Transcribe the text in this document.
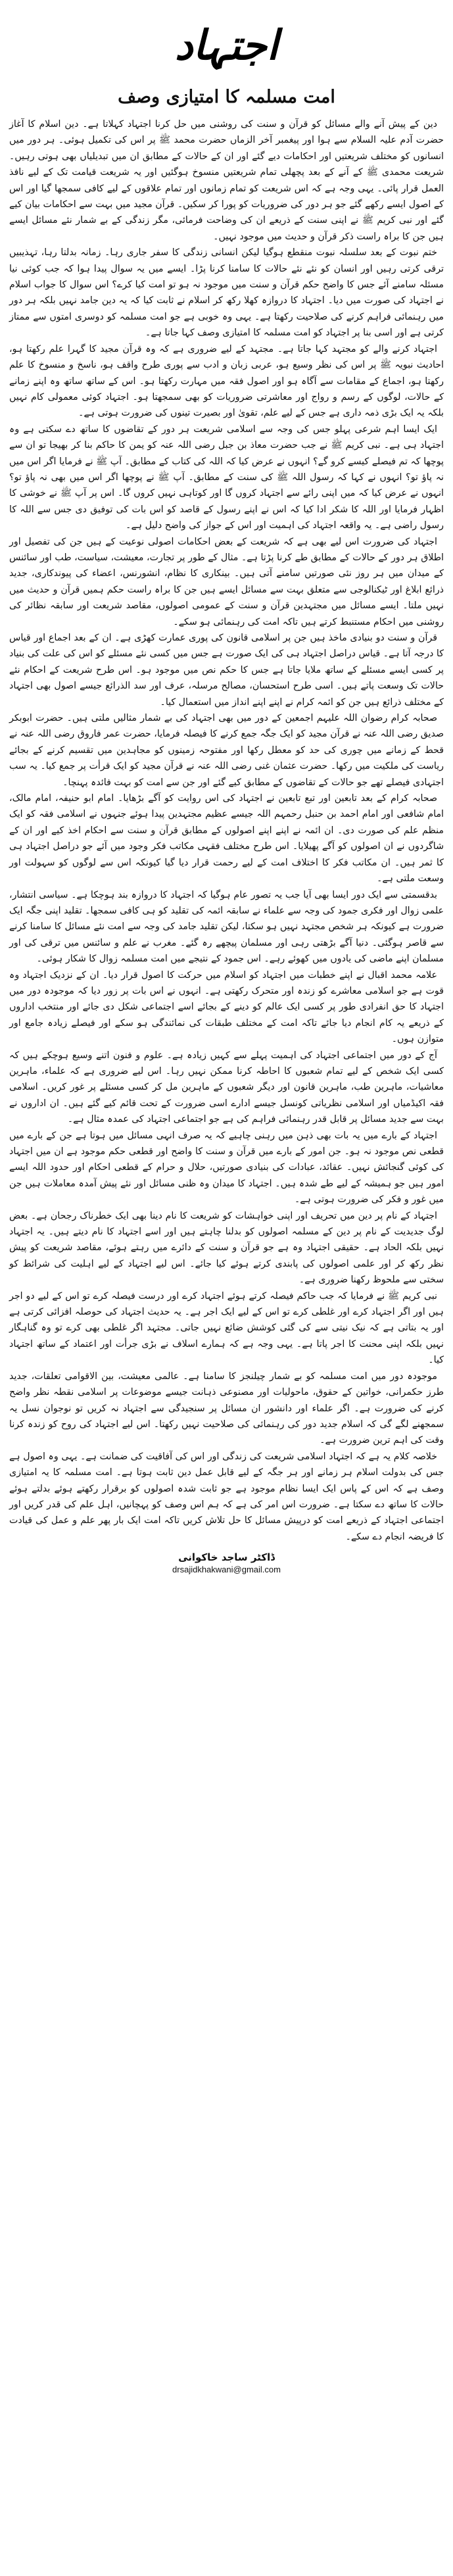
اجتہاد
امت مسلمہ کا امتیازی وصف

دین کے پیش آنے والے مسائل کو قرآن و سنت کی روشنی میں حل کرنا اجتہاد کہلاتا ہے۔ دین اسلام کا آغاز حضرت آدم علیہ السلام سے ہوا اور پیغمبر آخر الزماں حضرت محمد ﷺ پر اس کی تکمیل ہوئی۔ ہر دور میں انسانوں کو مختلف شریعتیں اور احکامات دیے گئے اور ان کے حالات کے مطابق ان میں تبدیلیاں بھی ہوتی رہیں۔ شریعت محمدی ﷺ کے آنے کے بعد پچھلی تمام شریعتیں منسوخ ہوگئیں اور یہ شریعت قیامت تک کے لیے نافذ العمل قرار پائی۔ یہی وجہ ہے کہ اس شریعت کو تمام زمانوں اور تمام علاقوں کے لیے کافی سمجھا گیا اور اس کے اصول ایسے رکھے گئے جو ہر دور کی ضروریات کو پورا کر سکیں۔ قرآن مجید میں بہت سے احکامات بیان کیے گئے اور نبی کریم ﷺ نے اپنی سنت کے ذریعے ان کی وضاحت فرمائی، مگر زندگی کے بے شمار نئے مسائل ایسے ہیں جن کا براہ راست ذکر قرآن و حدیث میں موجود نہیں۔

ختم نبوت کے بعد سلسلہ نبوت منقطع ہوگیا لیکن انسانی زندگی کا سفر جاری رہا۔ زمانہ بدلتا رہا، تہذیبیں ترقی کرتی رہیں اور انسان کو نئے نئے حالات کا سامنا کرنا پڑا۔ ایسے میں یہ سوال پیدا ہوا کہ جب کوئی نیا مسئلہ سامنے آئے جس کا واضح حکم قرآن و سنت میں موجود نہ ہو تو امت کیا کرے؟ اس سوال کا جواب اسلام نے اجتہاد کی صورت میں دیا۔ اجتہاد کا دروازہ کھلا رکھ کر اسلام نے ثابت کیا کہ یہ دین جامد نہیں بلکہ ہر دور میں رہنمائی فراہم کرنے کی صلاحیت رکھتا ہے۔ یہی وہ خوبی ہے جو امت مسلمہ کو دوسری امتوں سے ممتاز کرتی ہے اور اسی بنا پر اجتہاد کو امت مسلمہ کا امتیازی وصف کہا جاتا ہے۔

اجتہاد کرنے والے کو مجتہد کہا جاتا ہے۔ مجتہد کے لیے ضروری ہے کہ وہ قرآن مجید کا گہرا علم رکھتا ہو، احادیث نبویہ ﷺ پر اس کی نظر وسیع ہو، عربی زبان و ادب سے پوری طرح واقف ہو، ناسخ و منسوخ کا علم رکھتا ہو، اجماع کے مقامات سے آگاہ ہو اور اصول فقہ میں مہارت رکھتا ہو۔ اس کے ساتھ ساتھ وہ اپنے زمانے کے حالات، لوگوں کے رسم و رواج اور معاشرتی ضروریات کو بھی سمجھتا ہو۔ اجتہاد کوئی معمولی کام نہیں بلکہ یہ ایک بڑی ذمہ داری ہے جس کے لیے علم، تقویٰ اور بصیرت تینوں کی ضرورت ہوتی ہے۔

ایک ایسا اہم شرعی پہلو جس کی وجہ سے اسلامی شریعت ہر دور کے تقاضوں کا ساتھ دے سکتی ہے وہ اجتہاد ہی ہے۔ نبی کریم ﷺ نے جب حضرت معاذ بن جبل رضی اللہ عنہ کو یمن کا حاکم بنا کر بھیجا تو ان سے پوچھا کہ تم فیصلے کیسے کرو گے؟ انہوں نے عرض کیا کہ اللہ کی کتاب کے مطابق۔ آپ ﷺ نے فرمایا اگر اس میں نہ پاؤ تو؟ انہوں نے کہا کہ رسول اللہ ﷺ کی سنت کے مطابق۔ آپ ﷺ نے پوچھا اگر اس میں بھی نہ پاؤ تو؟ انہوں نے عرض کیا کہ میں اپنی رائے سے اجتہاد کروں گا اور کوتاہی نہیں کروں گا۔ اس پر آپ ﷺ نے خوشی کا اظہار فرمایا اور اللہ کا شکر ادا کیا کہ اس نے اپنے رسول کے قاصد کو اس بات کی توفیق دی جس سے اللہ کا رسول راضی ہے۔ یہ واقعہ اجتہاد کی اہمیت اور اس کے جواز کی واضح دلیل ہے۔

اجتہاد کی ضرورت اس لیے بھی ہے کہ شریعت کے بعض احکامات اصولی نوعیت کے ہیں جن کی تفصیل اور اطلاق ہر دور کے حالات کے مطابق طے کرنا پڑتا ہے۔ مثال کے طور پر تجارت، معیشت، سیاست، طب اور سائنس کے میدان میں ہر روز نئی صورتیں سامنے آتی ہیں۔ بینکاری کا نظام، انشورنس، اعضاء کی پیوندکاری، جدید ذرائع ابلاغ اور ٹیکنالوجی سے متعلق بہت سے مسائل ایسے ہیں جن کا براہ راست حکم ہمیں قرآن و حدیث میں نہیں ملتا۔ ایسے مسائل میں مجتہدین قرآن و سنت کے عمومی اصولوں، مقاصد شریعت اور سابقہ نظائر کی روشنی میں احکام مستنبط کرتے ہیں تاکہ امت کی رہنمائی ہو سکے۔

قرآن و سنت دو بنیادی ماخذ ہیں جن پر اسلامی قانون کی پوری عمارت کھڑی ہے۔ ان کے بعد اجماع اور قیاس کا درجہ آتا ہے۔ قیاس دراصل اجتہاد ہی کی ایک صورت ہے جس میں کسی نئے مسئلے کو اس کی علت کی بنیاد پر کسی ایسے مسئلے کے ساتھ ملایا جاتا ہے جس کا حکم نص میں موجود ہو۔ اس طرح شریعت کے احکام نئے حالات تک وسعت پاتے ہیں۔ اسی طرح استحسان، مصالح مرسلہ، عرف اور سد الذرائع جیسے اصول بھی اجتہاد کے مختلف ذرائع ہیں جن کو ائمہ کرام نے اپنے اپنے انداز میں استعمال کیا۔

صحابہ کرام رضوان اللہ علیہم اجمعین کے دور میں بھی اجتہاد کی بے شمار مثالیں ملتی ہیں۔ حضرت ابوبکر صدیق رضی اللہ عنہ نے قرآن مجید کو ایک جگہ جمع کرنے کا فیصلہ فرمایا، حضرت عمر فاروق رضی اللہ عنہ نے قحط کے زمانے میں چوری کی حد کو معطل رکھا اور مفتوحہ زمینوں کو مجاہدین میں تقسیم کرنے کے بجائے ریاست کی ملکیت میں رکھا۔ حضرت عثمان غنی رضی اللہ عنہ نے قرآن مجید کو ایک قرأت پر جمع کیا۔ یہ سب اجتہادی فیصلے تھے جو حالات کے تقاضوں کے مطابق کیے گئے اور جن سے امت کو بہت فائدہ پہنچا۔

صحابہ کرام کے بعد تابعین اور تبع تابعین نے اجتہاد کی اس روایت کو آگے بڑھایا۔ امام ابو حنیفہ، امام مالک، امام شافعی اور امام احمد بن حنبل رحمہم اللہ جیسے عظیم مجتہدین پیدا ہوئے جنہوں نے اسلامی فقہ کو ایک منظم علم کی صورت دی۔ ان ائمہ نے اپنے اپنے اصولوں کے مطابق قرآن و سنت سے احکام اخذ کیے اور ان کے شاگردوں نے ان اصولوں کو آگے پھیلایا۔ اس طرح مختلف فقہی مکاتب فکر وجود میں آئے جو دراصل اجتہاد ہی کا ثمر ہیں۔ ان مکاتب فکر کا اختلاف امت کے لیے رحمت قرار دیا گیا کیونکہ اس سے لوگوں کو سہولت اور وسعت ملتی ہے۔

بدقسمتی سے ایک دور ایسا بھی آیا جب یہ تصور عام ہوگیا کہ اجتہاد کا دروازہ بند ہوچکا ہے۔ سیاسی انتشار، علمی زوال اور فکری جمود کی وجہ سے علماء نے سابقہ ائمہ کی تقلید کو ہی کافی سمجھا۔ تقلید اپنی جگہ ایک ضرورت ہے کیونکہ ہر شخص مجتہد نہیں ہو سکتا، لیکن تقلید جامد کی وجہ سے امت نئے مسائل کا سامنا کرنے سے قاصر ہوگئی۔ دنیا آگے بڑھتی رہی اور مسلمان پیچھے رہ گئے۔ مغرب نے علم و سائنس میں ترقی کی اور مسلمان اپنے ماضی کی یادوں میں کھوئے رہے۔ اس جمود کے نتیجے میں امت مسلمہ زوال کا شکار ہوئی۔

علامہ محمد اقبال نے اپنے خطبات میں اجتہاد کو اسلام میں حرکت کا اصول قرار دیا۔ ان کے نزدیک اجتہاد وہ قوت ہے جو اسلامی معاشرے کو زندہ اور متحرک رکھتی ہے۔ انہوں نے اس بات پر زور دیا کہ موجودہ دور میں اجتہاد کا حق انفرادی طور پر کسی ایک عالم کو دینے کے بجائے اسے اجتماعی شکل دی جائے اور منتخب اداروں کے ذریعے یہ کام انجام دیا جائے تاکہ امت کے مختلف طبقات کی نمائندگی ہو سکے اور فیصلے زیادہ جامع اور متوازن ہوں۔

آج کے دور میں اجتماعی اجتہاد کی اہمیت پہلے سے کہیں زیادہ ہے۔ علوم و فنون اتنے وسیع ہوچکے ہیں کہ کسی ایک شخص کے لیے تمام شعبوں کا احاطہ کرنا ممکن نہیں رہا۔ اس لیے ضروری ہے کہ علماء، ماہرین معاشیات، ماہرین طب، ماہرین قانون اور دیگر شعبوں کے ماہرین مل کر کسی مسئلے پر غور کریں۔ اسلامی فقہ اکیڈمیاں اور اسلامی نظریاتی کونسل جیسے ادارے اسی ضرورت کے تحت قائم کیے گئے ہیں۔ ان اداروں نے بہت سے جدید مسائل پر قابل قدر رہنمائی فراہم کی ہے جو اجتماعی اجتہاد کی عمدہ مثال ہے۔

اجتہاد کے بارے میں یہ بات بھی ذہن میں رہنی چاہیے کہ یہ صرف انہی مسائل میں ہوتا ہے جن کے بارے میں قطعی نص موجود نہ ہو۔ جن امور کے بارے میں قرآن و سنت کا واضح اور قطعی حکم موجود ہے ان میں اجتہاد کی کوئی گنجائش نہیں۔ عقائد، عبادات کی بنیادی صورتیں، حلال و حرام کے قطعی احکام اور حدود اللہ ایسے امور ہیں جو ہمیشہ کے لیے طے شدہ ہیں۔ اجتہاد کا میدان وہ ظنی مسائل اور نئے پیش آمدہ معاملات ہیں جن میں غور و فکر کی ضرورت ہوتی ہے۔

اجتہاد کے نام پر دین میں تحریف اور اپنی خواہشات کو شریعت کا نام دینا بھی ایک خطرناک رجحان ہے۔ بعض لوگ جدیدیت کے نام پر دین کے مسلمہ اصولوں کو بدلنا چاہتے ہیں اور اسے اجتہاد کا نام دیتے ہیں۔ یہ اجتہاد نہیں بلکہ الحاد ہے۔ حقیقی اجتہاد وہ ہے جو قرآن و سنت کے دائرے میں رہتے ہوئے، مقاصد شریعت کو پیش نظر رکھ کر اور علمی اصولوں کی پابندی کرتے ہوئے کیا جائے۔ اس لیے اجتہاد کے لیے اہلیت کی شرائط کو سختی سے ملحوظ رکھنا ضروری ہے۔

نبی کریم ﷺ نے فرمایا کہ جب حاکم فیصلہ کرتے ہوئے اجتہاد کرے اور درست فیصلہ کرے تو اس کے لیے دو اجر ہیں اور اگر اجتہاد کرے اور غلطی کرے تو اس کے لیے ایک اجر ہے۔ یہ حدیث اجتہاد کی حوصلہ افزائی کرتی ہے اور یہ بتاتی ہے کہ نیک نیتی سے کی گئی کوشش ضائع نہیں جاتی۔ مجتہد اگر غلطی بھی کرے تو وہ گناہگار نہیں بلکہ اپنی محنت کا اجر پاتا ہے۔ یہی وجہ ہے کہ ہمارے اسلاف نے بڑی جرأت اور اعتماد کے ساتھ اجتہاد کیا۔

موجودہ دور میں امت مسلمہ کو بے شمار چیلنجز کا سامنا ہے۔ عالمی معیشت، بین الاقوامی تعلقات، جدید طرز حکمرانی، خواتین کے حقوق، ماحولیات اور مصنوعی ذہانت جیسے موضوعات پر اسلامی نقطہ نظر واضح کرنے کی ضرورت ہے۔ اگر علماء اور دانشور ان مسائل پر سنجیدگی سے اجتہاد نہ کریں تو نوجوان نسل یہ سمجھنے لگے گی کہ اسلام جدید دور کی رہنمائی کی صلاحیت نہیں رکھتا۔ اس لیے اجتہاد کی روح کو زندہ کرنا وقت کی اہم ترین ضرورت ہے۔

خلاصہ کلام یہ ہے کہ اجتہاد اسلامی شریعت کی زندگی اور اس کی آفاقیت کی ضمانت ہے۔ یہی وہ اصول ہے جس کی بدولت اسلام ہر زمانے اور ہر جگہ کے لیے قابل عمل دین ثابت ہوتا ہے۔ امت مسلمہ کا یہ امتیازی وصف ہے کہ اس کے پاس ایک ایسا نظام موجود ہے جو ثابت شدہ اصولوں کو برقرار رکھتے ہوئے بدلتے ہوئے حالات کا ساتھ دے سکتا ہے۔ ضرورت اس امر کی ہے کہ ہم اس وصف کو پہچانیں، اہل علم کی قدر کریں اور اجتماعی اجتہاد کے ذریعے امت کو درپیش مسائل کا حل تلاش کریں تاکہ امت ایک بار پھر علم و عمل کی قیادت کا فریضہ انجام دے سکے۔

ڈاکٹر ساجد خاکوانی
drsajidkhakwani@gmail.com
